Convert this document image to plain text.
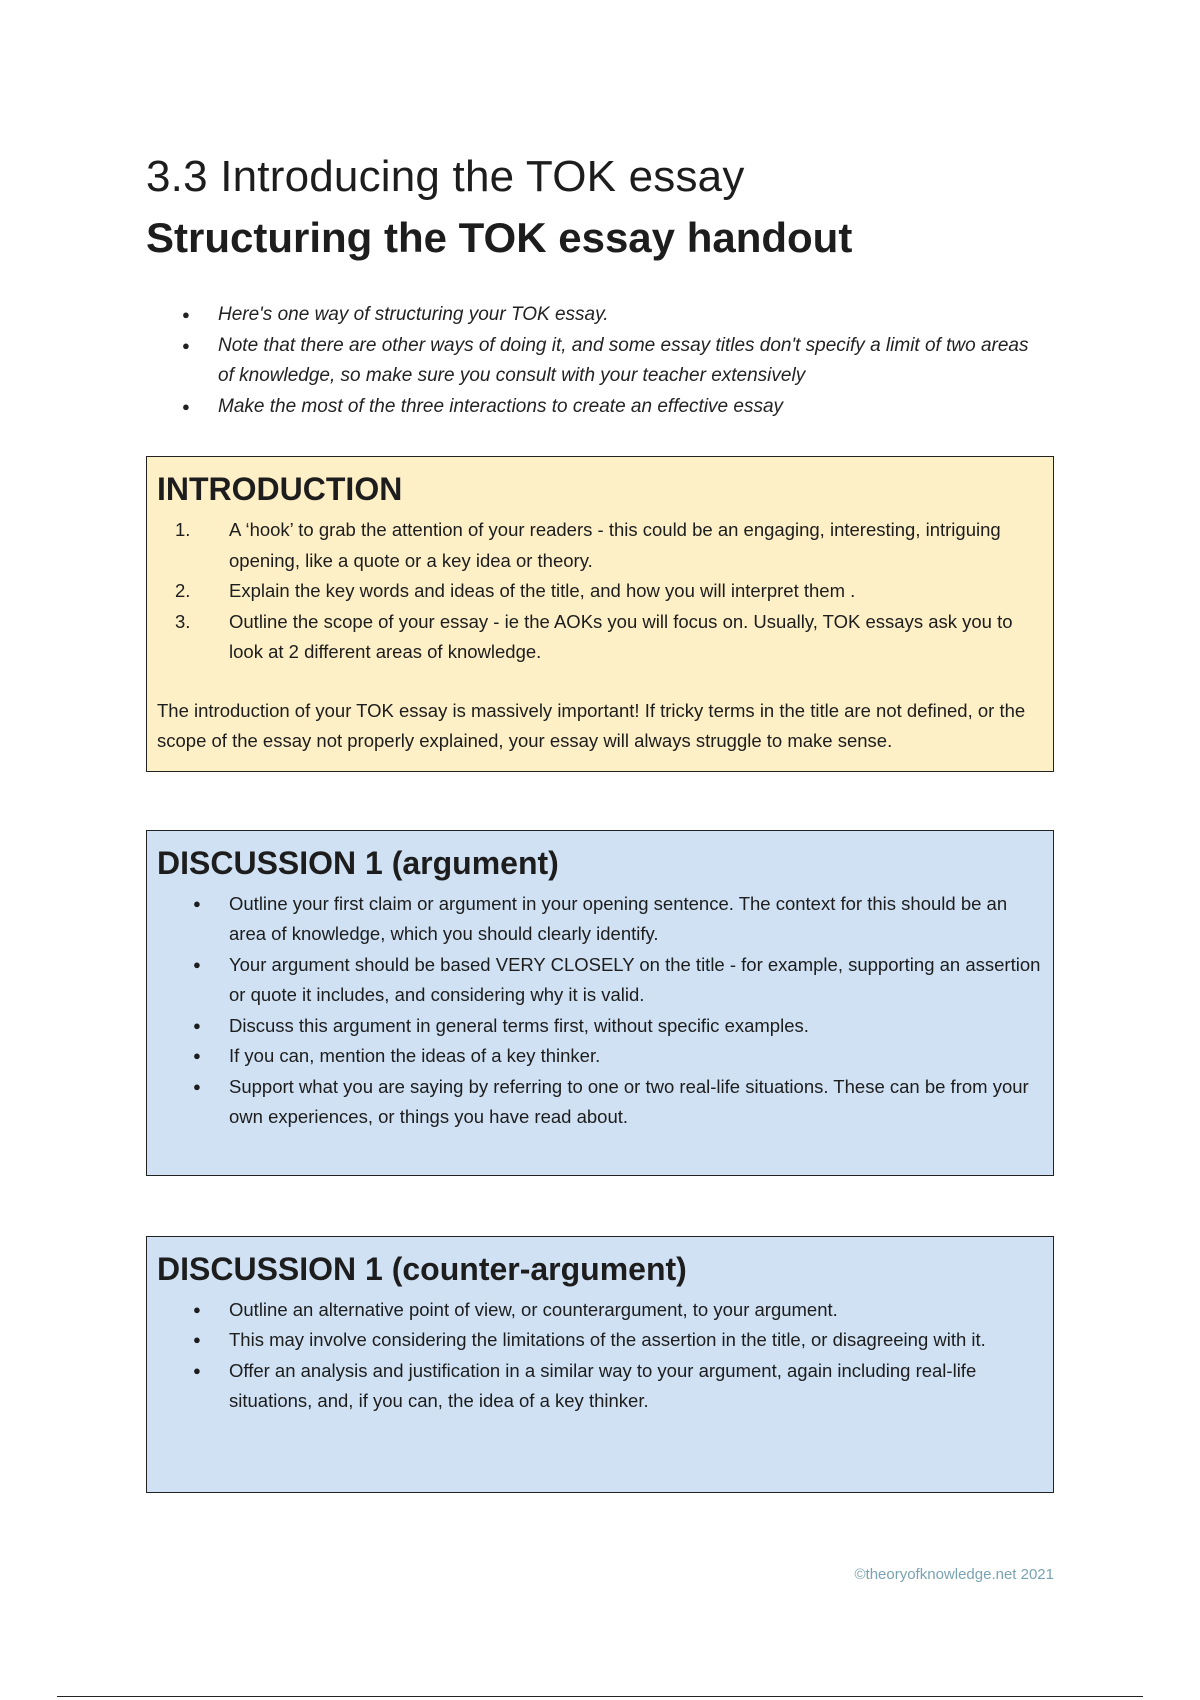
3.3 Introducing the TOK essay
Structuring the TOK essay handout
● Here's one way of structuring your TOK essay.
● Note that there are other ways of doing it, and some essay titles don't specify a limit of two areas of knowledge, so make sure you consult with your teacher extensively
● Make the most of the three interactions to create an effective essay
INTRODUCTION
1. A ‘hook’ to grab the attention of your readers - this could be an engaging, interesting, intriguing opening, like a quote or a key idea or theory.
2. Explain the key words and ideas of the title, and how you will interpret them .
3. Outline the scope of your essay - ie the AOKs you will focus on. Usually, TOK essays ask you to look at 2 different areas of knowledge.

The introduction of your TOK essay is massively important! If tricky terms in the title are not defined, or the scope of the essay not properly explained, your essay will always struggle to make sense.

DISCUSSION 1 (argument)
● Outline your first claim or argument in your opening sentence. The context for this should be an area of knowledge, which you should clearly identify.
● Your argument should be based VERY CLOSELY on the title - for example, supporting an assertion or quote it includes, and considering why it is valid.
● Discuss this argument in general terms first, without specific examples.
● If you can, mention the ideas of a key thinker.
● Support what you are saying by referring to one or two real-life situations. These can be from your own experiences, or things you have read about.
DISCUSSION 1 (counter-argument)
● Outline an alternative point of view, or counterargument, to your argument.
● This may involve considering the limitations of the assertion in the title, or disagreeing with it.
● Offer an analysis and justification in a similar way to your argument, again including real-life situations, and, if you can, the idea of a key thinker.
©theoryofknowledge.net 2021
